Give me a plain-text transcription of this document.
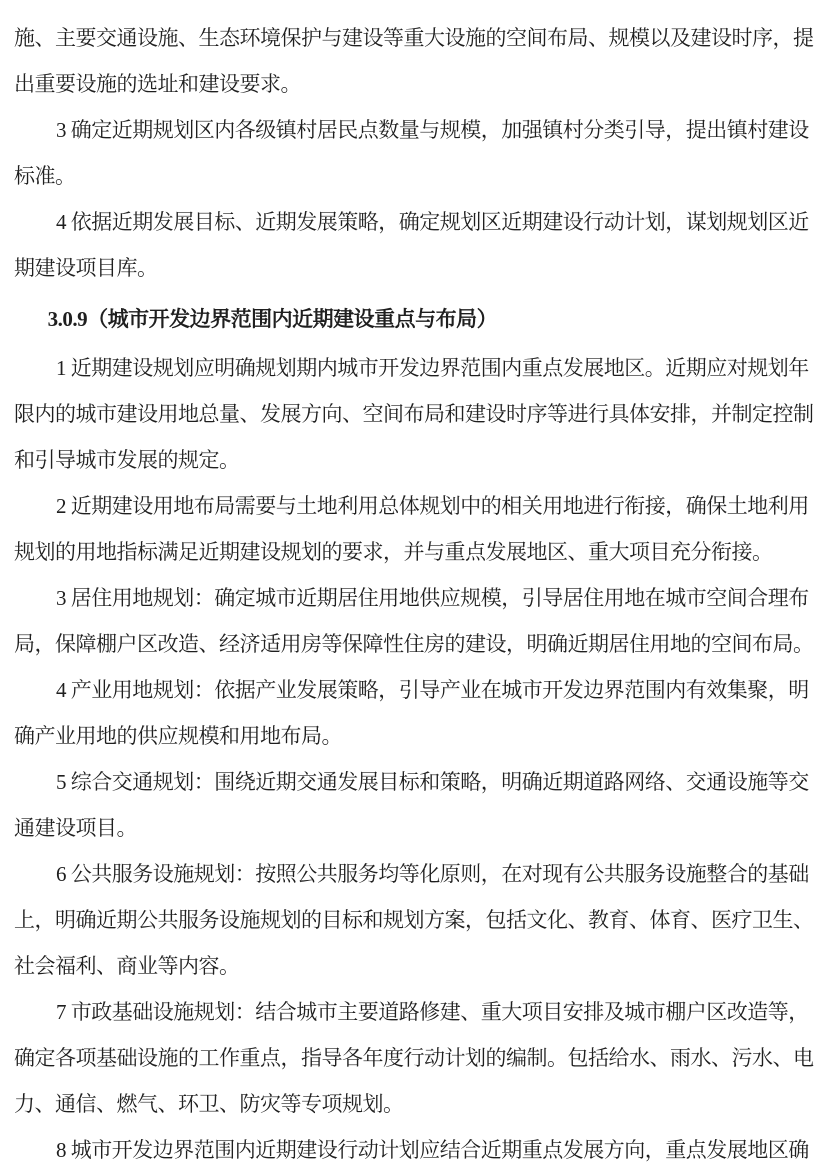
施、主要交通设施、生态环境保护与建设等重大设施的空间布局、规模以及建设时序，提
出重要设施的选址和建设要求。
3 确定近期规划区内各级镇村居民点数量与规模，加强镇村分类引导，提出镇村建设
标准。
4 依据近期发展目标、近期发展策略，确定规划区近期建设行动计划，谋划规划区近
期建设项目库。
3.0.9（城市开发边界范围内近期建设重点与布局）
1 近期建设规划应明确规划期内城市开发边界范围内重点发展地区。近期应对规划年
限内的城市建设用地总量、发展方向、空间布局和建设时序等进行具体安排，并制定控制
和引导城市发展的规定。
2 近期建设用地布局需要与土地利用总体规划中的相关用地进行衔接，确保土地利用
规划的用地指标满足近期建设规划的要求，并与重点发展地区、重大项目充分衔接。
3 居住用地规划：确定城市近期居住用地供应规模，引导居住用地在城市空间合理布
局，保障棚户区改造、经济适用房等保障性住房的建设，明确近期居住用地的空间布局。
4 产业用地规划：依据产业发展策略，引导产业在城市开发边界范围内有效集聚，明
确产业用地的供应规模和用地布局。
5 综合交通规划：围绕近期交通发展目标和策略，明确近期道路网络、交通设施等交
通建设项目。
6 公共服务设施规划：按照公共服务均等化原则，在对现有公共服务设施整合的基础
上，明确近期公共服务设施规划的目标和规划方案，包括文化、教育、体育、医疗卫生、
社会福利、商业等内容。
7 市政基础设施规划：结合城市主要道路修建、重大项目安排及城市棚户区改造等，
确定各项基础设施的工作重点，指导各年度行动计划的编制。包括给水、雨水、污水、电
力、通信、燃气、环卫、防灾等专项规划。
8 城市开发边界范围内近期建设行动计划应结合近期重点发展方向，重点发展地区确
